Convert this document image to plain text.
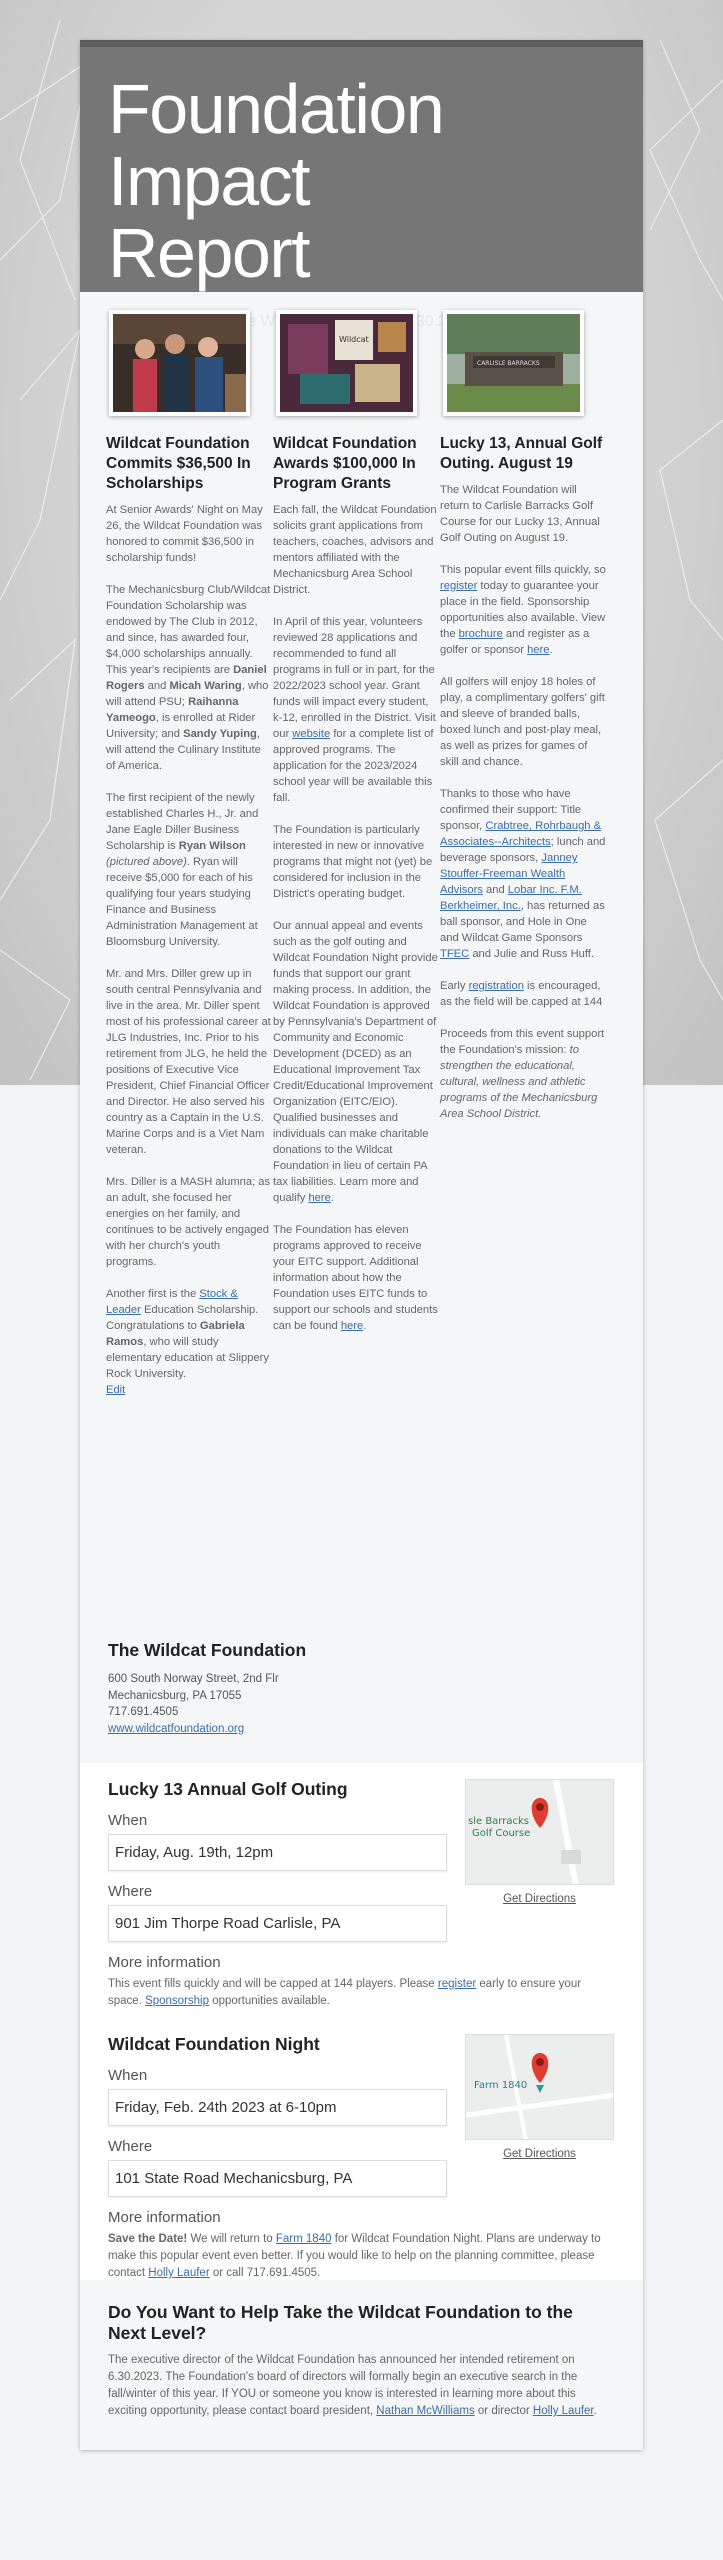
Foundation Impact
Report
Wildcat Foundation Commits $36,500 In Scholarships

At Senior Awards' Night on May 26, the Wildcat Foundation was honored to commit $36,500 in scholarship funds!

The Mechanicsburg Club/Wildcat Foundation Scholarship was endowed by The Club in 2012, and since, has awarded four, $4,000 scholarships annually. This year's recipients are Daniel Rogers and Micah Waring, who will attend PSU; Raihanna Yameogo, is enrolled at Rider University; and Sandy Yuping, will attend the Culinary Institute of America.

The first recipient of the newly established Charles H., Jr. and Jane Eagle Diller Business Scholarship is Ryan Wilson (pictured above). Ryan will receive $5,000 for each of his qualifying four years studying Finance and Business Administration Management at Bloomsburg University.

Mr. and Mrs. Diller grew up in south central Pennsylvania and live in the area. Mr. Diller spent most of his professional career at JLG Industries, Inc. Prior to his retirement from JLG, he held the positions of Executive Vice President, Chief Financial Officer and Director. He also served his country as a Captain in the U.S. Marine Corps and is a Viet Nam veteran.

Mrs. Diller is a MASH alumna; as an adult, she focused her energies on her family, and continues to be actively engaged with her church's youth programs.

Another first is the Stock & Leader Education Scholarship. Congratulations to Gabriela Ramos, who will study elementary education at Slippery Rock University.
Edit

Wildcat
Wildcat Foundation Awards $100,000 In Program Grants

Each fall, the Wildcat Foundation solicits grant applications from teachers, coaches, advisors and mentors affiliated with the Mechanicsburg Area School District.

In April of this year, volunteers reviewed 28 applications and recommended to fund all programs in full or in part, for the 2022/2023 school year. Grant funds will impact every student, k-12, enrolled in the District. Visit our website for a complete list of approved programs. The application for the 2023/2024 school year will be available this fall.

The Foundation is particularly interested in new or innovative programs that might not (yet) be considered for inclusion in the District's operating budget.

Our annual appeal and events such as the golf outing and Wildcat Foundation Night provide funds that support our grant making process. In addition, the Wildcat Foundation is approved by Pennsylvania's Department of Community and Economic Development (DCED) as an Educational Improvement Tax Credit/Educational Improvement Organization (EITC/EIO). Qualified businesses and individuals can make charitable donations to the Wildcat Foundation in lieu of certain PA tax liabilities. Learn more and qualify here.

The Foundation has eleven programs approved to receive your EITC support. Additional information about how the Foundation uses EITC funds to support our schools and students can be found here.

CARLISLE BARRACKS
Lucky 13, Annual Golf Outing. August 19

The Wildcat Foundation will return to Carlisle Barracks Golf Course for our Lucky 13, Annual Golf Outing on August 19.

This popular event fills quickly, so register today to guarantee your place in the field. Sponsorship opportunities also available. View the brochure and register as a golfer or sponsor here.

All golfers will enjoy 18 holes of play, a complimentary golfers' gift and sleeve of branded balls, boxed lunch and post-play meal, as well as prizes for games of skill and chance.

Thanks to those who have confirmed their support: Title sponsor, Crabtree, Rohrbaugh & Associates--Architects; lunch and beverage sponsors, Janney Stouffer-Freeman Wealth Advisors and Lobar Inc. F.M. Berkheimer, Inc., has returned as ball sponsor, and Hole in One and Wildcat Game Sponsors TFEC and Julie and Russ Huff.

Early registration is encouraged, as the field will be capped at 144

Proceeds from this event support the Foundation's mission: to strengthen the educational, cultural, wellness and athletic programs of the Mechanicsburg Area School District.

The Wildcat Foundation
600 South Norway Street, 2nd Flr
Mechanicsburg, PA 17055
717.691.4505
www.wildcatfoundation.org
Lucky 13 Annual Golf Outing
sle Barracks
Golf Course
Get Directions
When
Friday, Aug. 19th, 12pm
Where
901 Jim Thorpe Road Carlisle, PA
More information
This event fills quickly and will be capped at 144 players. Please register early to ensure your space. Sponsorship opportunities available.
Wildcat Foundation Night
Farm 1840
Get Directions
When
Friday, Feb. 24th 2023 at 6-10pm
Where
101 State Road Mechanicsburg, PA
More information
Save the Date! We will return to Farm 1840 for Wildcat Foundation Night. Plans are underway to make this popular event even better. If you would like to help on the planning committee, please contact Holly Laufer or call 717.691.4505.
Do You Want to Help Take the Wildcat Foundation to the Next Level?
The executive director of the Wildcat Foundation has announced her intended retirement on 6.30.2023. The Foundation's board of directors will formally begin an executive search in the fall/winter of this year. If YOU or someone you know is interested in learning more about this exciting opportunity, please contact board president, Nathan McWilliams or director Holly Laufer.
